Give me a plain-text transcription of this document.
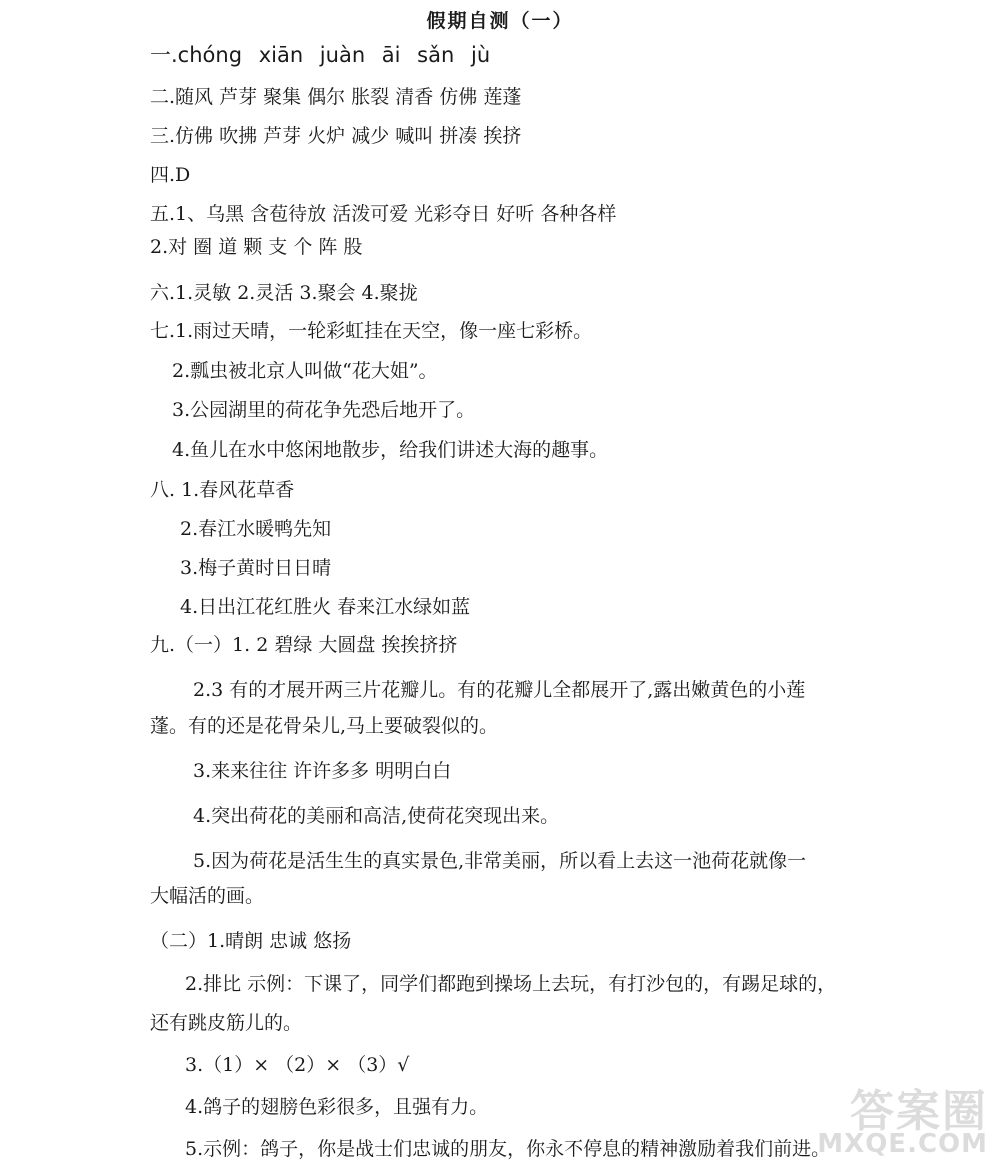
假期自测（一）
一.chóng xiān juàn āi sǎn jù
二.随风 芦芽 聚集 偶尔 胀裂 清香 仿佛 莲蓬
三.仿佛 吹拂 芦芽 火炉 减少 喊叫 拼凑 挨挤
四.D
五.1、乌黑 含苞待放 活泼可爱 光彩夺日 好听 各种各样
2.对 圈 道 颗 支 个 阵 股
六.1.灵敏 2.灵活 3.聚会 4.聚拢
七.1.雨过天晴，一轮彩虹挂在天空，像一座七彩桥。
2.瓢虫被北京人叫做“花大姐”。
3.公园湖里的荷花争先恐后地开了。
4.鱼儿在水中悠闲地散步，给我们讲述大海的趣事。
八. 1.春风花草香
2.春江水暖鸭先知
3.梅子黄时日日晴
4.日出江花红胜火 春来江水绿如蓝
九.（一）1. 2 碧绿 大圆盘 挨挨挤挤
2.3 有的才展开两三片花瓣儿。有的花瓣儿全都展开了,露出嫩黄色的小莲
蓬。有的还是花骨朵儿,马上要破裂似的。
3.来来往往 许许多多 明明白白
4.突出荷花的美丽和高洁,使荷花突现出来。
5.因为荷花是活生生的真实景色,非常美丽，所以看上去这一池荷花就像一
大幅活的画。
（二）1.晴朗 忠诚 悠扬
2.排比 示例：下课了，同学们都跑到操场上去玩，有打沙包的，有踢足球的，
还有跳皮筋儿的。
3.（1）× （2）× （3）√
4.鸽子的翅膀色彩很多，且强有力。
5.示例：鸽子，你是战士们忠诚的朋友，你永不停息的精神激励着我们前进。
答案圈
MXQE.COM
